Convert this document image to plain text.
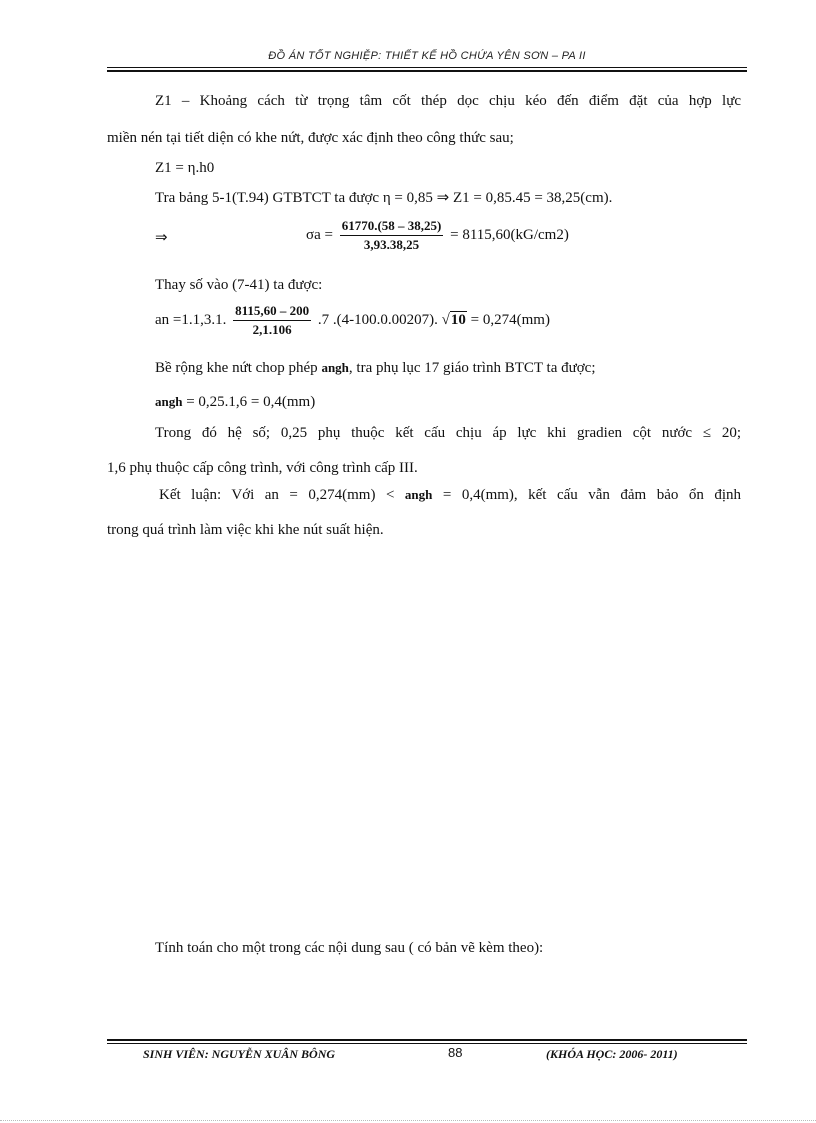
ĐỒ ÁN TỐT NGHIỆP: THIẾT KẾ HỒ CHỨA YÊN SƠN – PA II
Z1 – Khoảng cách từ trọng tâm cốt thép dọc chịu kéo đến điểm đặt của hợp lực
miền nén tại tiết diện có khe nứt, được xác định theo công thức sau;
Z1 = η.h0
Tra bảng 5-1(T.94) GTBTCT ta được η = 0,85 ⇒ Z1 = 0,85.45 = 38,25(cm).
⇒	$\sigma a = \frac{61770.(58 - 38,25)}{3,93.38,25} = 8115,60(kG/cm2)$
Thay số vào (7-41) ta được:
an =1.1,3.1. $\frac{8115,60 - 200}{2,1.106} .7$ .(4-100.0.00207). √10 = 0,274(mm)
Bề rộng khe nứt chop phép angh, tra phụ lục 17 giáo trình BTCT ta được;
angh = 0,25.1,6 = 0,4(mm)
Trong đó hệ số; 0,25 phụ thuộc kết cấu chịu áp lực khi gradien cột nước ≤ 20;
1,6 phụ thuộc cấp công trình, với công trình cấp III.
Kết luận: Với an = 0,274(mm) < angh = 0,4(mm), kết cấu vẫn đảm bảo ổn định
trong quá trình làm việc khi khe nút suất hiện.
Tính toán cho một trong các nội dung sau ( có bản vẽ kèm theo):
SINH VIÊN: NGUYỄN XUÂN BÔNG	88	(KHÓA HỌC: 2006- 2011)
